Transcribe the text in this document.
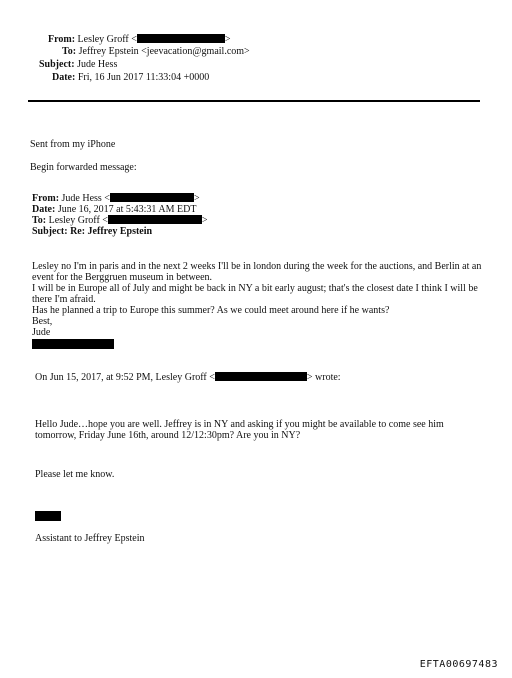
From: Lesley Groff <	>
To: Jeffrey Epstein <jeevacation@gmail.com>
Subject: Jude Hess
Date: Fri, 16 Jun 2017 11:33:04 +0000
Sent from my iPhone
Begin forwarded message:
From: Jude Hess <	>
Date: June 16, 2017 at 5:43:31 AM EDT
To: Lesley Groff <	>
Subject: Re: Jeffrey Epstein
Lesley no I'm in paris and in the next 2 weeks I'll be in london during the week for the auctions, and Berlin at an event for the Berggruen museum in between.
I will be in Europe all of July and might be back in NY a bit early august; that's the closest date I think I will be there I'm afraid.
Has he planned a trip to Europe this summer? As we could meet around here if he wants?
Best,
Jude
On Jun 15, 2017, at 9:52 PM, Lesley Groff <	> wrote:
Hello Jude…hope you are well. Jeffrey is in NY and asking if you might be available to come see him tomorrow, Friday June 16th, around 12/12:30pm? Are you in NY?
Please let me know.
Assistant to Jeffrey Epstein
EFTA00697483
